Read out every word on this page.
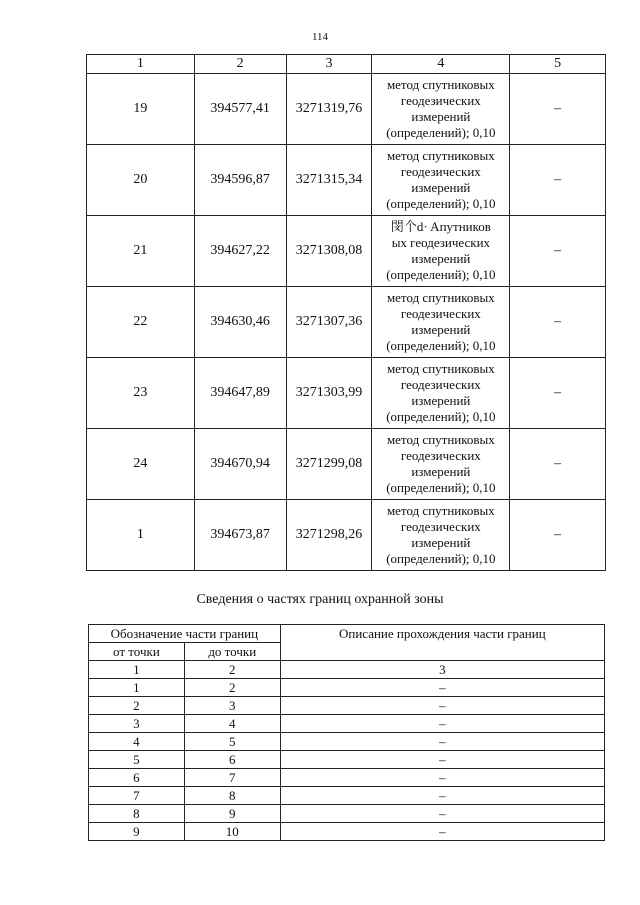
114
1	2	3	4	5
19	394577,41	3271319,76	метод спутниковых
геодезических
измерений
(определений); 0,10	–
20	394596,87	3271315,34	метод спутниковых
геодезических
измерений
(определений); 0,10	–
21	394627,22	3271308,08	閔个d· Aпутников
ых геодезических
измерений
(определений); 0,10	–
22	394630,46	3271307,36	метод спутниковых
геодезических
измерений
(определений); 0,10	–
23	394647,89	3271303,99	метод спутниковых
геодезических
измерений
(определений); 0,10	–
24	394670,94	3271299,08	метод спутниковых
геодезических
измерений
(определений); 0,10	–
1	394673,87	3271298,26	метод спутниковых
геодезических
измерений
(определений); 0,10	–
Сведения о частях границ охранной зоны
Обозначение части границ		Описание прохождения части границ
от точки	до точки	
1	2	3
1	2	–
2	3	–
3	4	–
4	5	–
5	6	–
6	7	–
7	8	–
8	9	–
9	10	–
